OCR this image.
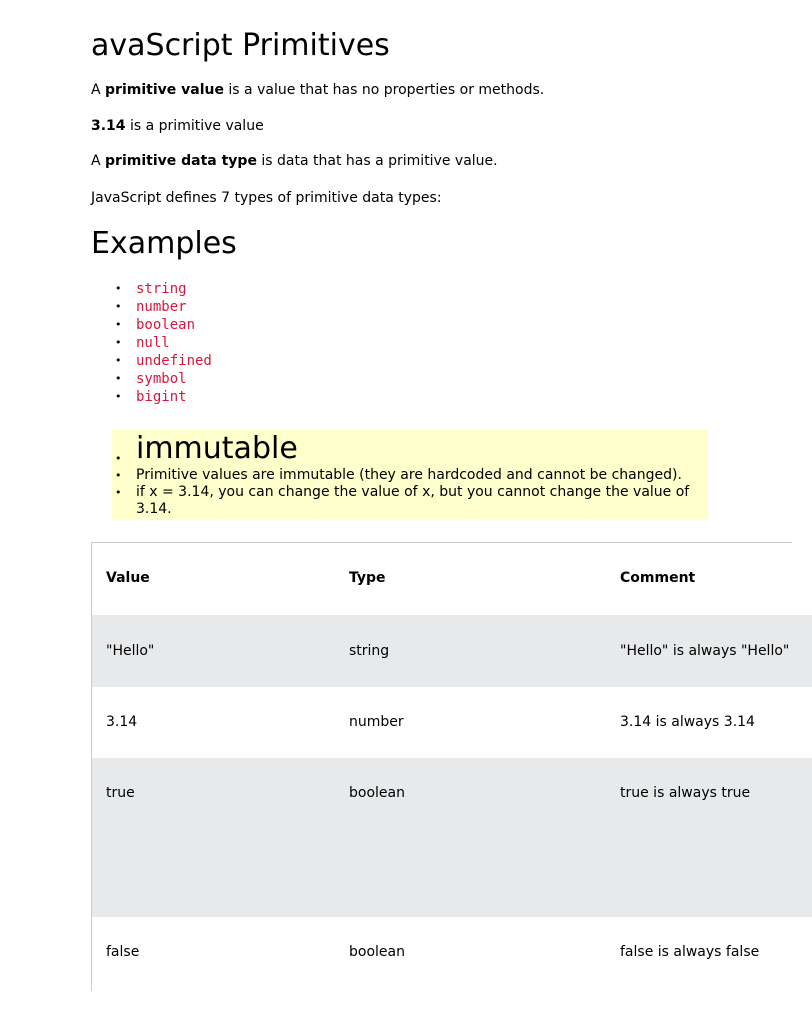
avaScript Primitives

A primitive value is a value that has no properties or methods.

3.14 is a primitive value

A primitive data type is data that has a primitive value.

JavaScript defines 7 types of primitive data types:

Examples
• string
• number
• boolean
• null
• undefined
• symbol
• bigint
• immutable
• Primitive values are immutable (they are hardcoded and cannot be changed).
• if x = 3.14, you can change the value of x, but you cannot change the value of 3.14.
Value	Type	Comment
"Hello"	string	"Hello" is always "Hello"
3.14	number	3.14 is always 3.14
true	boolean	true is always true
false	boolean	false is always false
